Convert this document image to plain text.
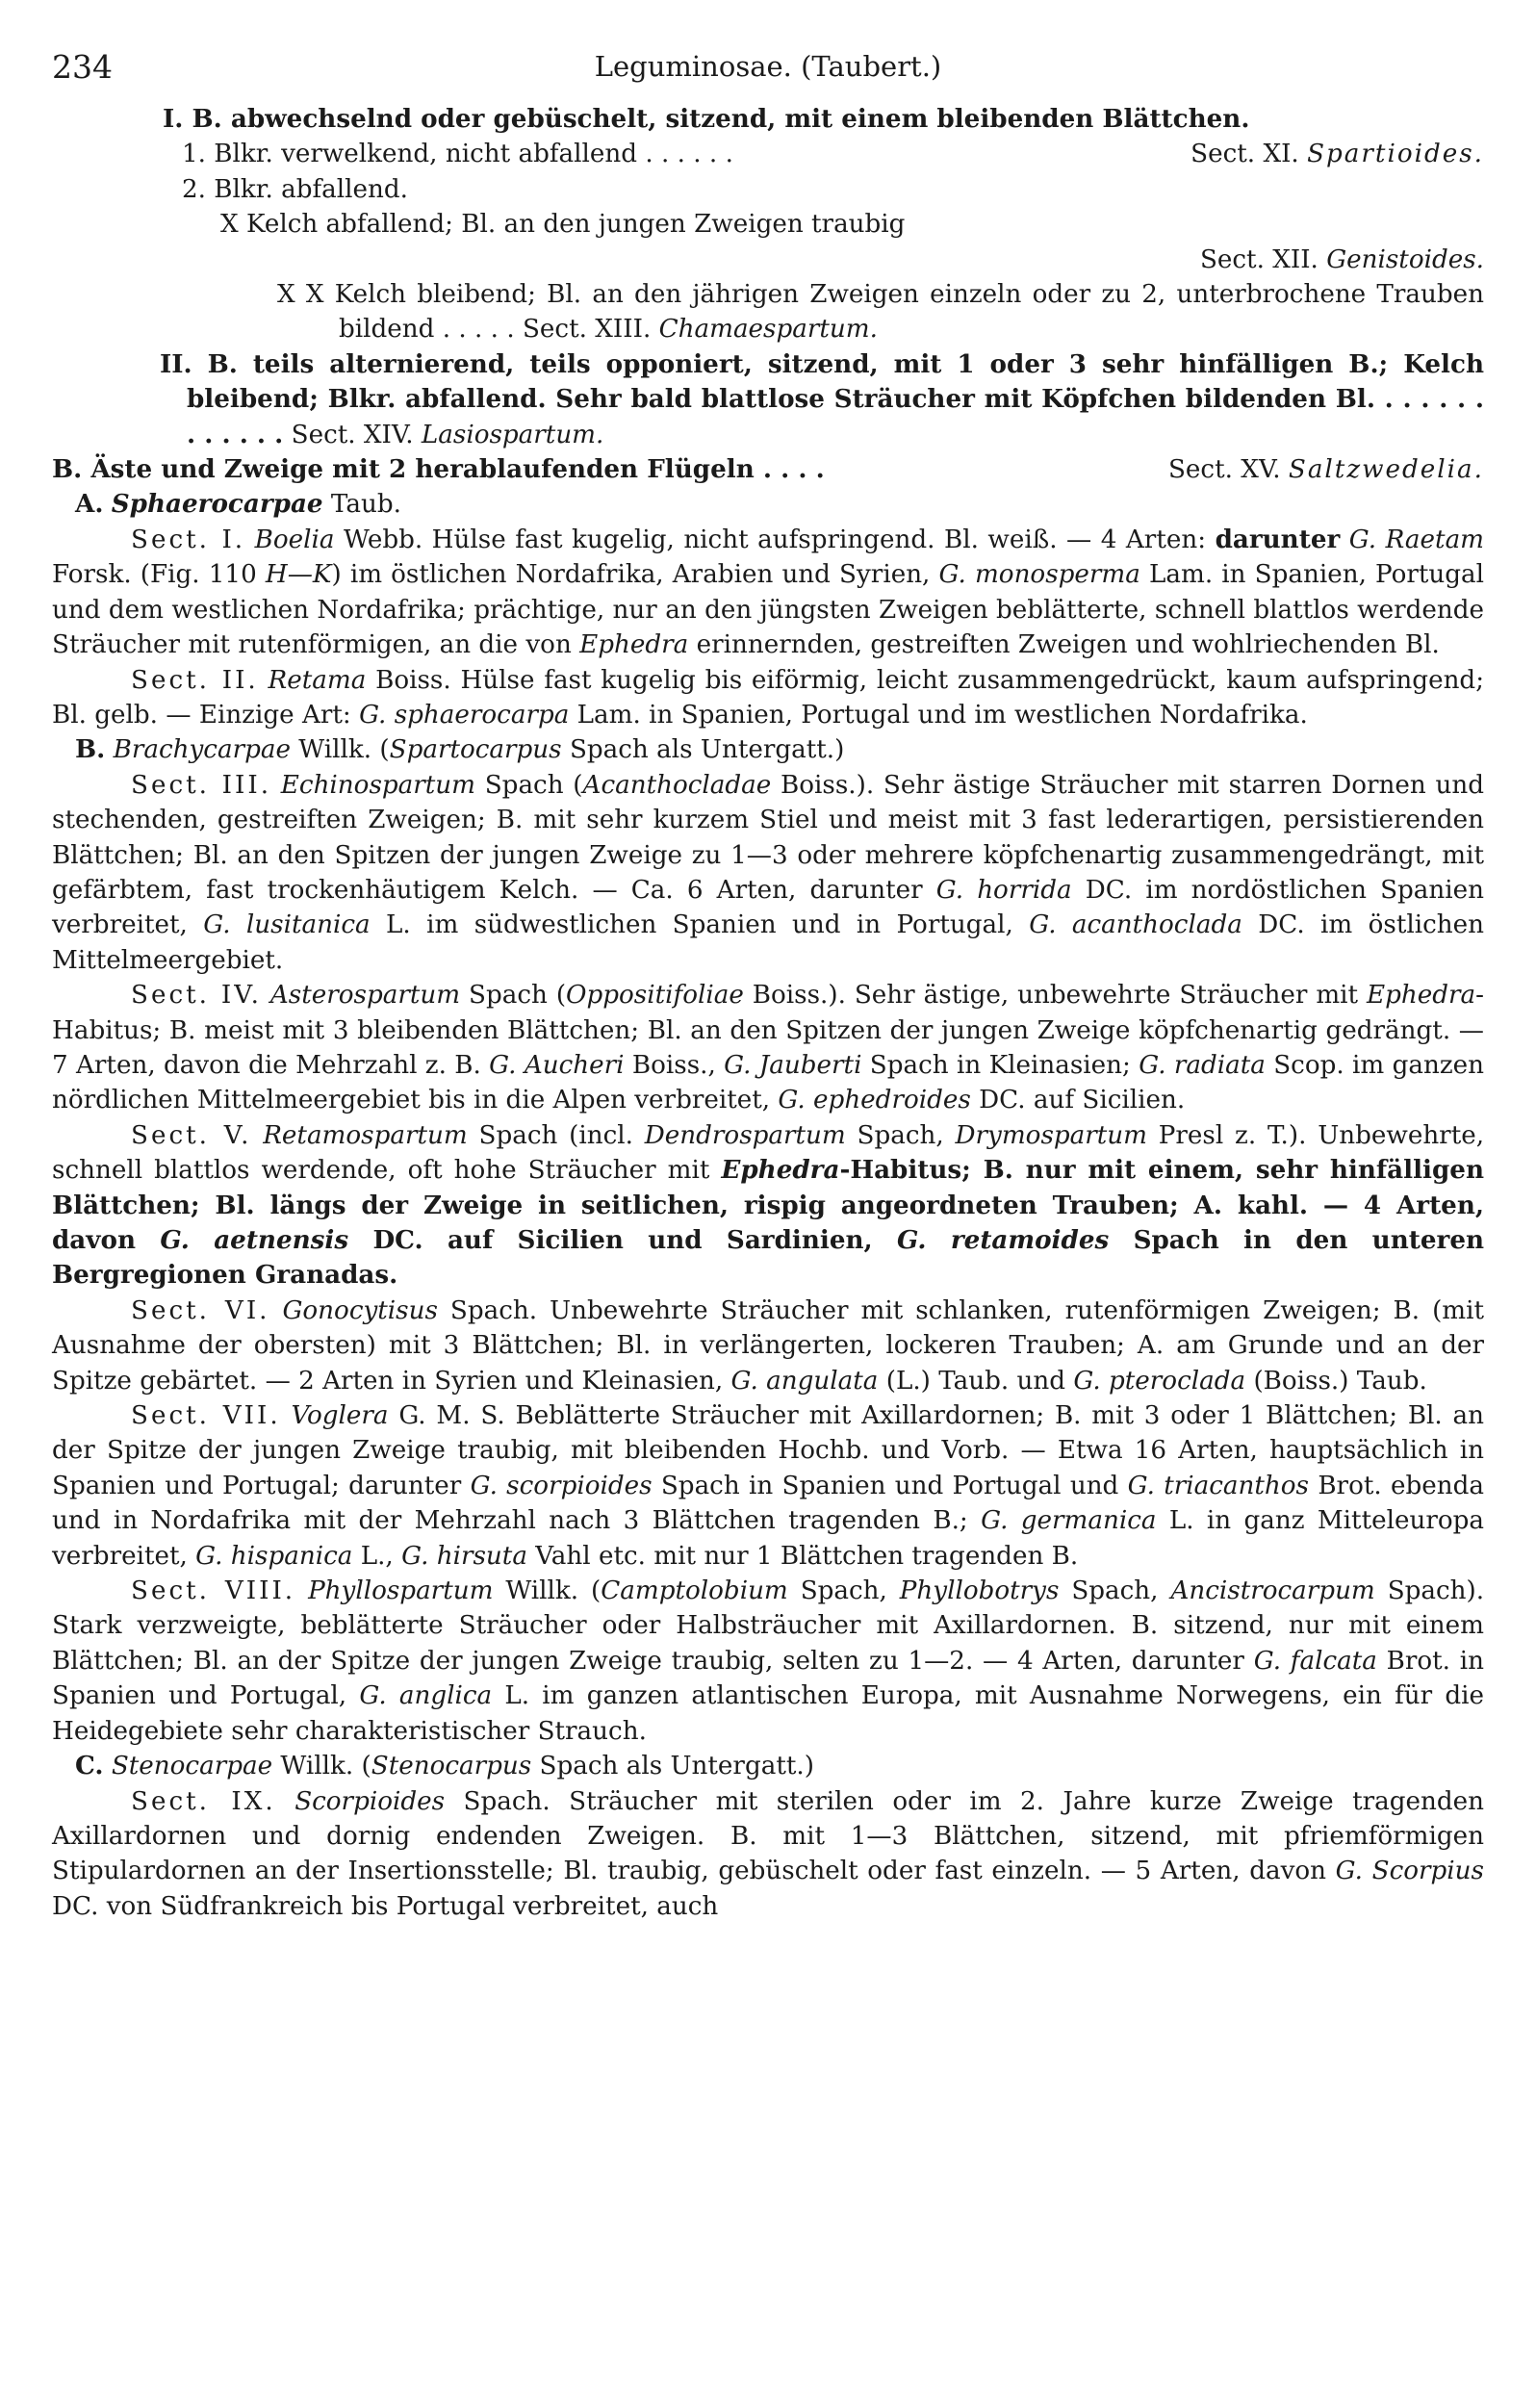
234	Leguminosae. (Taubert.)

I. B. abwechselnd oder gebüschelt, sitzend, mit einem bleibenden Blättchen.

1. Blkr. verwelkend, nicht abfallend . . . . . .	Sect. XI. Spartioides.

2. Blkr. abfallend.

X Kelch abfallend; Bl. an den jungen Zweigen traubig

Sect. XII. Genistoides.

X X Kelch bleibend; Bl. an den jährigen Zweigen einzeln oder zu 2, unterbrochene Trauben bildend . . . . . Sect. XIII. Chamaespartum.

II. B. teils alternierend, teils opponiert, sitzend, mit 1 oder 3 sehr hinfälligen B.; Kelch bleibend; Blkr. abfallend. Sehr bald blattlose Sträucher mit Köpfchen bildenden Bl. . . . . . . . . . . . . Sect. XIV. Lasiospartum.

B. Äste und Zweige mit 2 herablaufenden Flügeln . . . .	Sect. XV. Saltzwedelia.

A. Sphaerocarpae Taub.

Sect. I. Boelia Webb. Hülse fast kugelig, nicht aufspringend. Bl. weiß. — 4 Arten: darunter G. Raetam Forsk. (Fig. 110 H—K) im östlichen Nordafrika, Arabien und Syrien, G. monosperma Lam. in Spanien, Portugal und dem westlichen Nordafrika; prächtige, nur an den jüngsten Zweigen beblätterte, schnell blattlos werdende Sträucher mit rutenförmigen, an die von Ephedra erinnernden, gestreiften Zweigen und wohlriechenden Bl.

Sect. II. Retama Boiss. Hülse fast kugelig bis eiförmig, leicht zusammengedrückt, kaum aufspringend; Bl. gelb. — Einzige Art: G. sphaerocarpa Lam. in Spanien, Portugal und im westlichen Nordafrika.

B. Brachycarpae Willk. (Spartocarpus Spach als Untergatt.)

Sect. III. Echinospartum Spach (Acanthocladae Boiss.). Sehr ästige Sträucher mit starren Dornen und stechenden, gestreiften Zweigen; B. mit sehr kurzem Stiel und meist mit 3 fast lederartigen, persistierenden Blättchen; Bl. an den Spitzen der jungen Zweige zu 1—3 oder mehrere köpfchenartig zusammengedrängt, mit gefärbtem, fast trockenhäutigem Kelch. — Ca. 6 Arten, darunter G. horrida DC. im nordöstlichen Spanien verbreitet, G. lusitanica L. im südwestlichen Spanien und in Portugal, G. acanthoclada DC. im östlichen Mittelmeergebiet.

Sect. IV. Asterospartum Spach (Oppositifoliae Boiss.). Sehr ästige, unbewehrte Sträucher mit Ephedra-Habitus; B. meist mit 3 bleibenden Blättchen; Bl. an den Spitzen der jungen Zweige köpfchenartig gedrängt. — 7 Arten, davon die Mehrzahl z. B. G. Aucheri Boiss., G. Jauberti Spach in Kleinasien; G. radiata Scop. im ganzen nördlichen Mittelmeergebiet bis in die Alpen verbreitet, G. ephedroides DC. auf Sicilien.

Sect. V. Retamospartum Spach (incl. Dendrospartum Spach, Drymospartum Presl z. T.). Unbewehrte, schnell blattlos werdende, oft hohe Sträucher mit Ephedra-Habitus; B. nur mit einem, sehr hinfälligen Blättchen; Bl. längs der Zweige in seitlichen, rispig angeordneten Trauben; A. kahl. — 4 Arten, davon G. aetnensis DC. auf Sicilien und Sardinien, G. retamoides Spach in den unteren Bergregionen Granadas.

Sect. VI. Gonocytisus Spach. Unbewehrte Sträucher mit schlanken, rutenförmigen Zweigen; B. (mit Ausnahme der obersten) mit 3 Blättchen; Bl. in verlängerten, lockeren Trauben; A. am Grunde und an der Spitze gebärtet. — 2 Arten in Syrien und Kleinasien, G. angulata (L.) Taub. und G. pteroclada (Boiss.) Taub.

Sect. VII. Voglera G. M. S. Beblätterte Sträucher mit Axillardornen; B. mit 3 oder 1 Blättchen; Bl. an der Spitze der jungen Zweige traubig, mit bleibenden Hochb. und Vorb. — Etwa 16 Arten, hauptsächlich in Spanien und Portugal; darunter G. scorpioides Spach in Spanien und Portugal und G. triacanthos Brot. ebenda und in Nordafrika mit der Mehrzahl nach 3 Blättchen tragenden B.; G. germanica L. in ganz Mitteleuropa verbreitet, G. hispanica L., G. hirsuta Vahl etc. mit nur 1 Blättchen tragenden B.

Sect. VIII. Phyllospartum Willk. (Camptolobium Spach, Phyllobotrys Spach, Ancistrocarpum Spach). Stark verzweigte, beblätterte Sträucher oder Halbsträucher mit Axillardornen. B. sitzend, nur mit einem Blättchen; Bl. an der Spitze der jungen Zweige traubig, selten zu 1—2. — 4 Arten, darunter G. falcata Brot. in Spanien und Portugal, G. anglica L. im ganzen atlantischen Europa, mit Ausnahme Norwegens, ein für die Heidegebiete sehr charakteristischer Strauch.

C. Stenocarpae Willk. (Stenocarpus Spach als Untergatt.)

Sect. IX. Scorpioides Spach. Sträucher mit sterilen oder im 2. Jahre kurze Zweige tragenden Axillardornen und dornig endenden Zweigen. B. mit 1—3 Blättchen, sitzend, mit pfriemförmigen Stipulardornen an der Insertionsstelle; Bl. traubig, gebüschelt oder fast einzeln. — 5 Arten, davon G. Scorpius DC. von Südfrankreich bis Portugal verbreitet, auch
